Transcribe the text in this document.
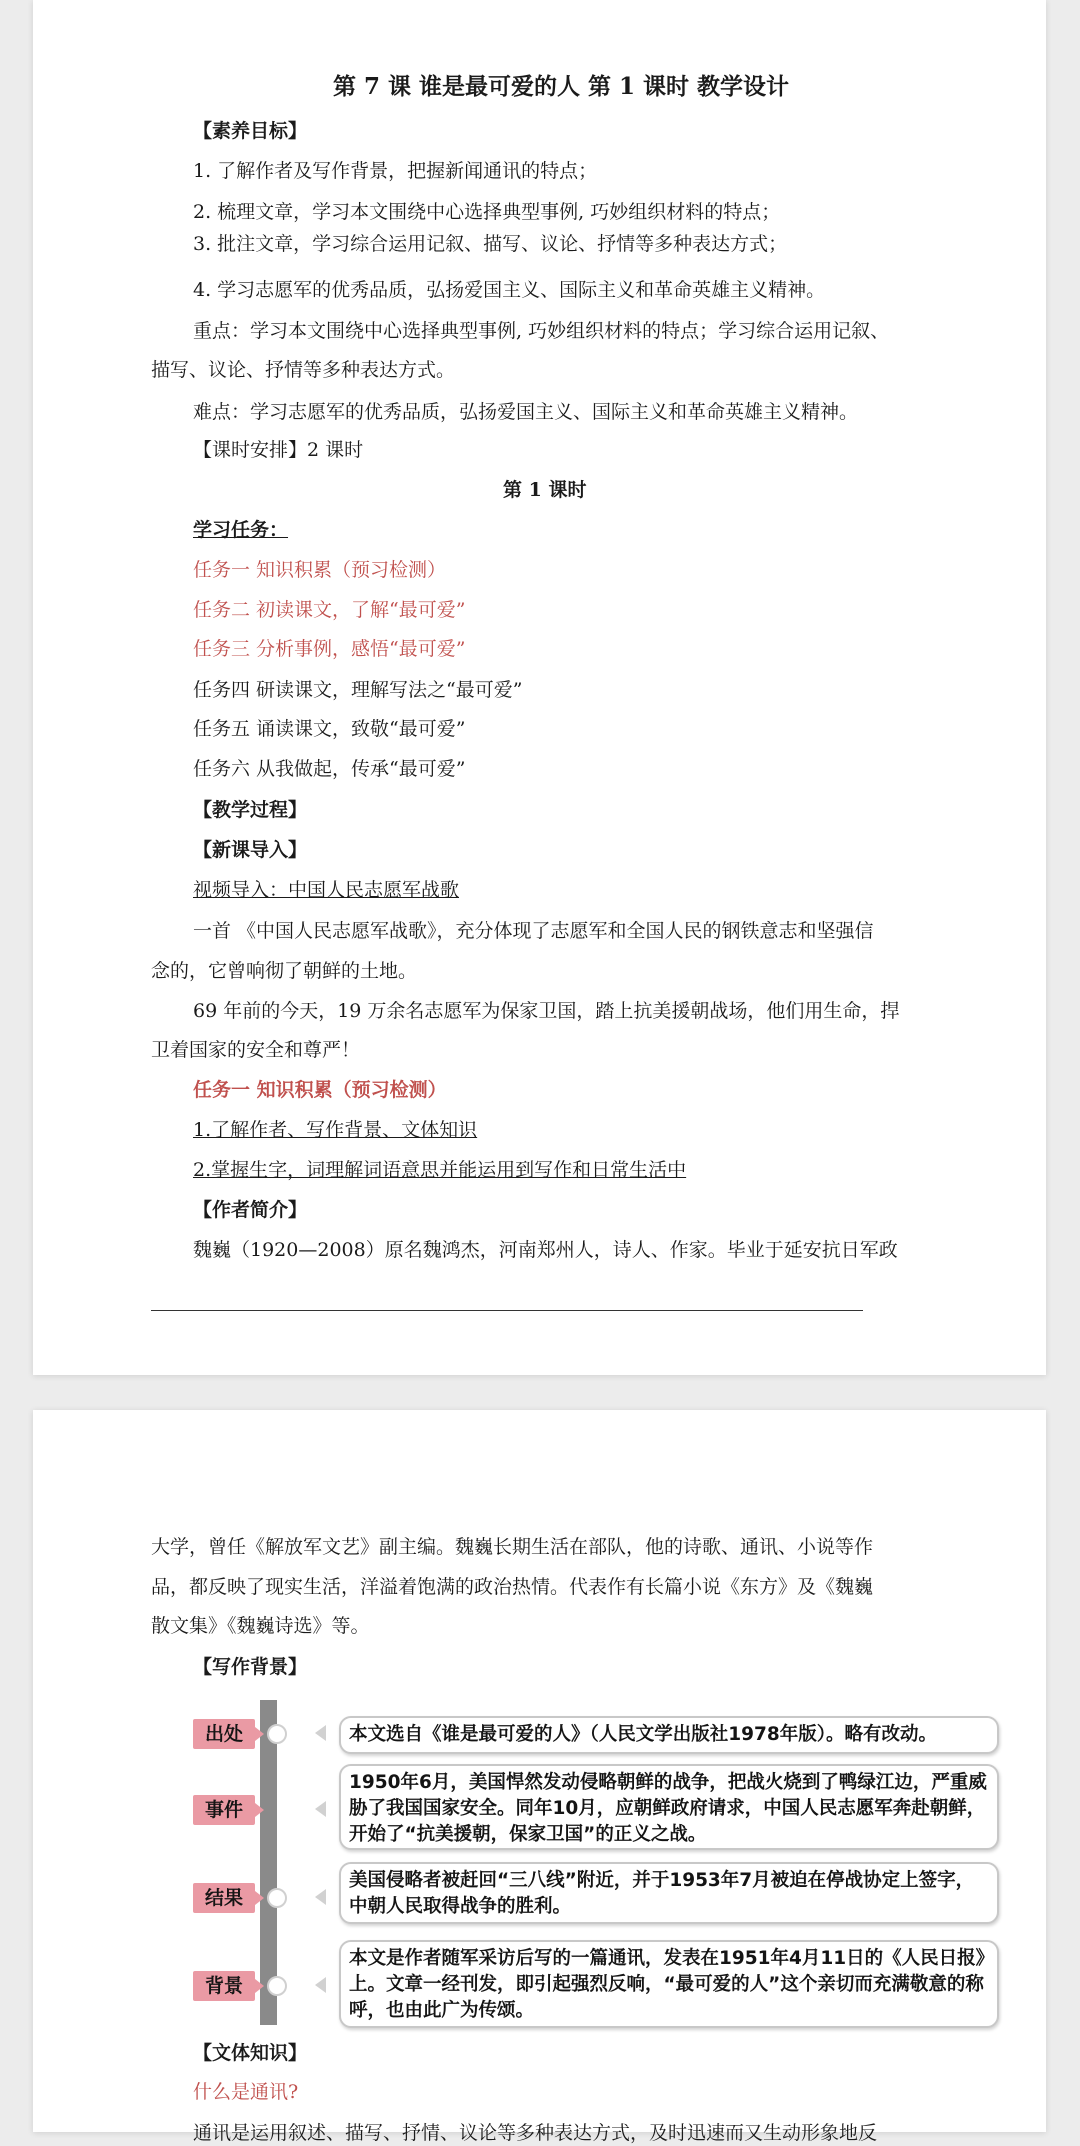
第 7 课 谁是最可爱的人 第 1 课时 教学设计
【素养目标】
1. 了解作者及写作背景，把握新闻通讯的特点；
2. 梳理文章，学习本文围绕中心选择典型事例, 巧妙组织材料的特点；
3. 批注文章，学习综合运用记叙、描写、议论、抒情等多种表达方式；
4. 学习志愿军的优秀品质，弘扬爱国主义、国际主义和革命英雄主义精神。
重点：学习本文围绕中心选择典型事例, 巧妙组织材料的特点；学习综合运用记叙、
描写、议论、抒情等多种表达方式。
难点：学习志愿军的优秀品质，弘扬爱国主义、国际主义和革命英雄主义精神。
【课时安排】2 课时
第 1 课时
学习任务：
任务一 知识积累（预习检测）
任务二 初读课文，了解“最可爱”
任务三 分析事例，感悟“最可爱”
任务四 研读课文，理解写法之“最可爱”
任务五 诵读课文，致敬“最可爱”
任务六 从我做起，传承“最可爱”
【教学过程】
【新课导入】
视频导入：中国人民志愿军战歌
一首 《中国人民志愿军战歌》，充分体现了志愿军和全国人民的钢铁意志和坚强信
念的，它曾响彻了朝鲜的土地。
69 年前的今天，19 万余名志愿军为保家卫国，踏上抗美援朝战场，他们用生命，捍
卫着国家的安全和尊严！
任务一 知识积累（预习检测）
1.了解作者、写作背景、文体知识
2.掌握生字，词理解词语意思并能运用到写作和日常生活中
【作者简介】
魏巍（1920—2008）原名魏鸿杰，河南郑州人，诗人、作家。毕业于延安抗日军政
大学，曾任《解放军文艺》副主编。魏巍长期生活在部队，他的诗歌、通讯、小说等作
品，都反映了现实生活，洋溢着饱满的政治热情。代表作有长篇小说《东方》及《魏巍
散文集》《魏巍诗选》等。
【写作背景】
出处	本文选自《谁是最可爱的人》（人民文学出版社1978年版）。略有改动。
事件
1950年6月，美国悍然发动侵略朝鲜的战争，把战火烧到了鸭绿江边，严重威胁了我国国家安全。同年10月，应朝鲜政府请求，中国人民志愿军奔赴朝鲜，开始了“抗美援朝，保家卫国”的正义之战。
结果
美国侵略者被赶回“三八线”附近，并于1953年7月被迫在停战协定上签字，中朝人民取得战争的胜利。
背景
本文是作者随军采访后写的一篇通讯，发表在1951年4月11日的《人民日报》上。文章一经刊发，即引起强烈反响，“最可爱的人”这个亲切而充满敬意的称呼，也由此广为传颂。
【文体知识】
什么是通讯?
通讯是运用叙述、描写、抒情、议论等多种表达方式，及时迅速而又生动形象地反
